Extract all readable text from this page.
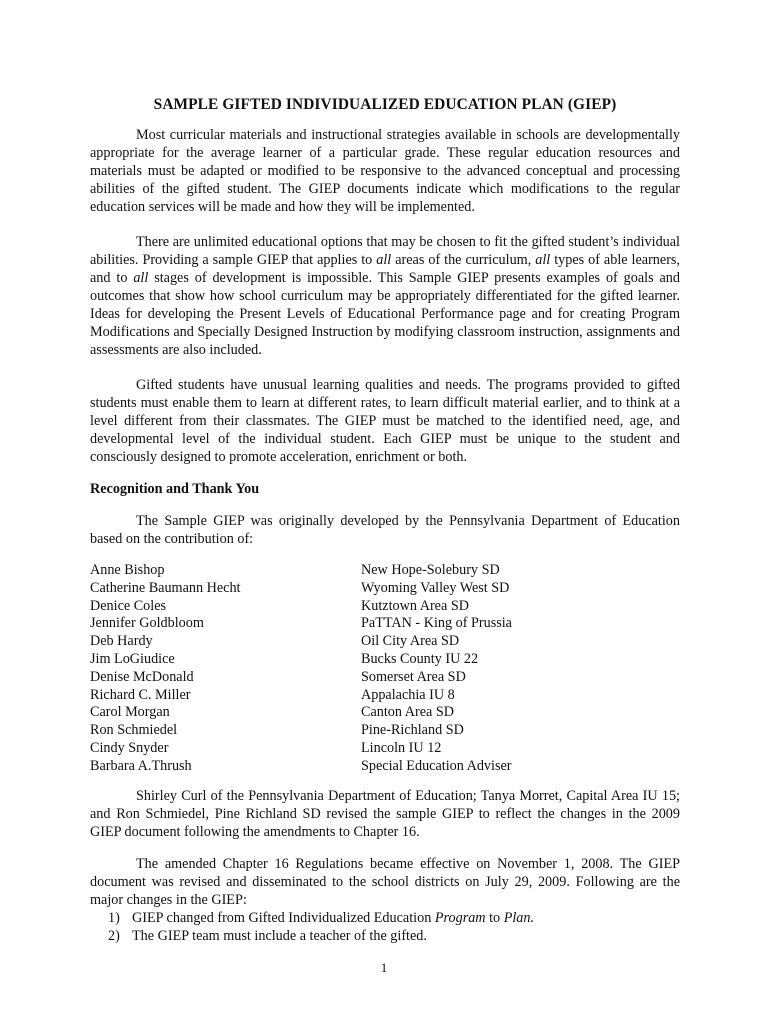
SAMPLE GIFTED INDIVIDUALIZED EDUCATION PLAN (GIEP)

Most curricular materials and instructional strategies available in schools are developmentally appropriate for the average learner of a particular grade. These regular education resources and materials must be adapted or modified to be responsive to the advanced conceptual and processing abilities of the gifted student. The GIEP documents indicate which modifications to the regular education services will be made and how they will be implemented.

There are unlimited educational options that may be chosen to fit the gifted student’s individual abilities. Providing a sample GIEP that applies to all areas of the curriculum, all types of able learners, and to all stages of development is impossible. This Sample GIEP presents examples of goals and outcomes that show how school curriculum may be appropriately differentiated for the gifted learner. Ideas for developing the Present Levels of Educational Performance page and for creating Program Modifications and Specially Designed Instruction by modifying classroom instruction, assignments and assessments are also included.

Gifted students have unusual learning qualities and needs. The programs provided to gifted students must enable them to learn at different rates, to learn difficult material earlier, and to think at a level different from their classmates. The GIEP must be matched to the identified need, age, and developmental level of the individual student. Each GIEP must be unique to the student and consciously designed to promote acceleration, enrichment or both.

Recognition and Thank You

The Sample GIEP was originally developed by the Pennsylvania Department of Education based on the contribution of:

Anne Bishop	New Hope-Solebury SD
Catherine Baumann Hecht	Wyoming Valley West SD
Denice Coles	Kutztown Area SD
Jennifer Goldbloom	PaTTAN - King of Prussia
Deb Hardy	Oil City Area SD
Jim LoGiudice	Bucks County IU 22
Denise McDonald	Somerset Area SD
Richard C. Miller	Appalachia IU 8
Carol Morgan	Canton Area SD
Ron Schmiedel	Pine-Richland SD
Cindy Snyder	Lincoln IU 12
Barbara A.Thrush	Special Education Adviser

Shirley Curl of the Pennsylvania Department of Education; Tanya Morret, Capital Area IU 15; and Ron Schmiedel, Pine Richland SD revised the sample GIEP to reflect the changes in the 2009 GIEP document following the amendments to Chapter 16.

The amended Chapter 16 Regulations became effective on November 1, 2008. The GIEP document was revised and disseminated to the school districts on July 29, 2009. Following are the major changes in the GIEP:

1) GIEP changed from Gifted Individualized Education Program to Plan.
2) The GIEP team must include a teacher of the gifted.
1
